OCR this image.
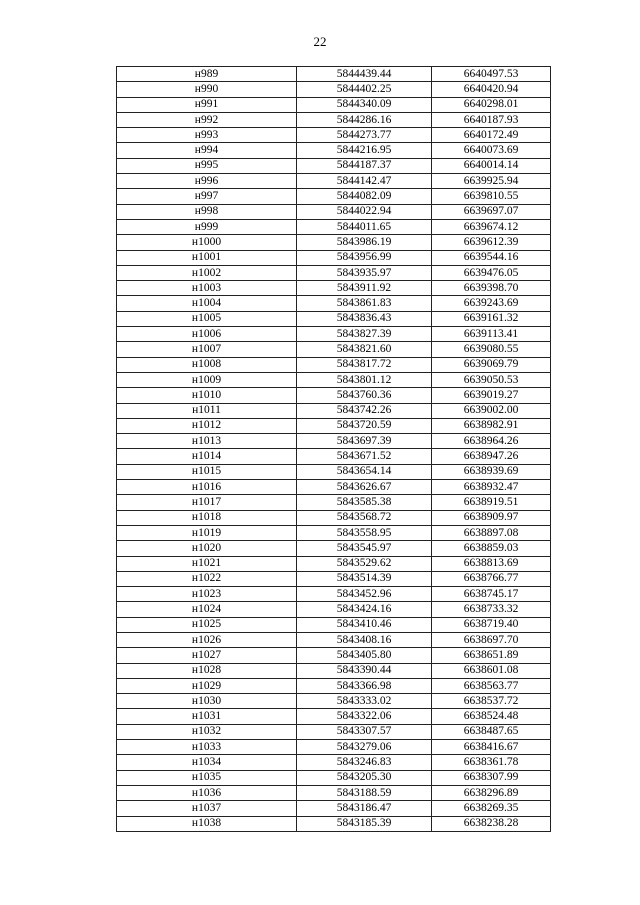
22
н989	5844439.44	6640497.53
н990	5844402.25	6640420.94
н991	5844340.09	6640298.01
н992	5844286.16	6640187.93
н993	5844273.77	6640172.49
н994	5844216.95	6640073.69
н995	5844187.37	6640014.14
н996	5844142.47	6639925.94
н997	5844082.09	6639810.55
н998	5844022.94	6639697.07
н999	5844011.65	6639674.12
н1000	5843986.19	6639612.39
н1001	5843956.99	6639544.16
н1002	5843935.97	6639476.05
н1003	5843911.92	6639398.70
н1004	5843861.83	6639243.69
н1005	5843836.43	6639161.32
н1006	5843827.39	6639113.41
н1007	5843821.60	6639080.55
н1008	5843817.72	6639069.79
н1009	5843801.12	6639050.53
н1010	5843760.36	6639019.27
н1011	5843742.26	6639002.00
н1012	5843720.59	6638982.91
н1013	5843697.39	6638964.26
н1014	5843671.52	6638947.26
н1015	5843654.14	6638939.69
н1016	5843626.67	6638932.47
н1017	5843585.38	6638919.51
н1018	5843568.72	6638909.97
н1019	5843558.95	6638897.08
н1020	5843545.97	6638859.03
н1021	5843529.62	6638813.69
н1022	5843514.39	6638766.77
н1023	5843452.96	6638745.17
н1024	5843424.16	6638733.32
н1025	5843410.46	6638719.40
н1026	5843408.16	6638697.70
н1027	5843405.80	6638651.89
н1028	5843390.44	6638601.08
н1029	5843366.98	6638563.77
н1030	5843333.02	6638537.72
н1031	5843322.06	6638524.48
н1032	5843307.57	6638487.65
н1033	5843279.06	6638416.67
н1034	5843246.83	6638361.78
н1035	5843205.30	6638307.99
н1036	5843188.59	6638296.89
н1037	5843186.47	6638269.35
н1038	5843185.39	6638238.28
